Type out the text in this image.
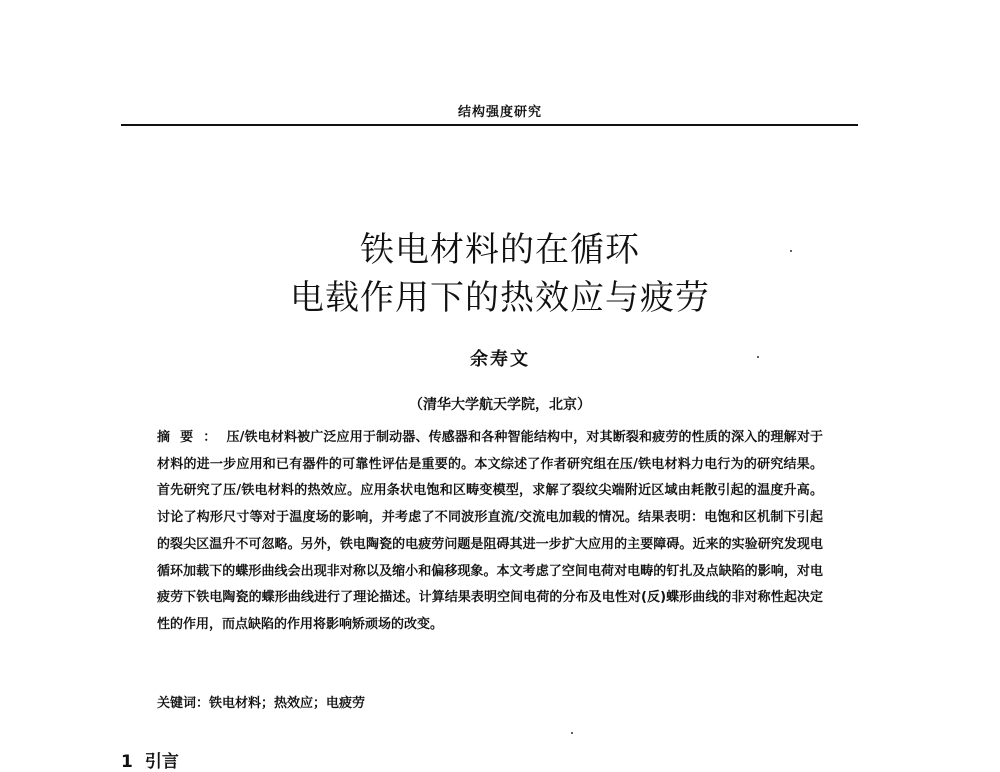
结构强度研究
铁电材料的在循环
电载作用下的热效应与疲劳
余寿文
（清华大学航天学院，北京）
摘要：压/铁电材料被广泛应用于制动器、传感器和各种智能结构中，对其断裂和疲劳的性质的深入的理解对于材料的进一步应用和已有器件的可靠性评估是重要的。本文综述了作者研究组在压/铁电材料力电行为的研究结果。首先研究了压/铁电材料的热效应。应用条状电饱和区畴变模型，求解了裂纹尖端附近区域由耗散引起的温度升高。讨论了构形尺寸等对于温度场的影响，并考虑了不同波形直流/交流电加载的情况。结果表明：电饱和区机制下引起的裂尖区温升不可忽略。另外，铁电陶瓷的电疲劳问题是阻碍其进一步扩大应用的主要障碍。近来的实验研究发现电循环加载下的蝶形曲线会出现非对称以及缩小和偏移现象。本文考虑了空间电荷对电畴的钉扎及点缺陷的影响，对电疲劳下铁电陶瓷的蝶形曲线进行了理论描述。计算结果表明空间电荷的分布及电性对(反)蝶形曲线的非对称性起决定性的作用，而点缺陷的作用将影响矫顽场的改变。
关键词：铁电材料；热效应；电疲劳
1 引言
